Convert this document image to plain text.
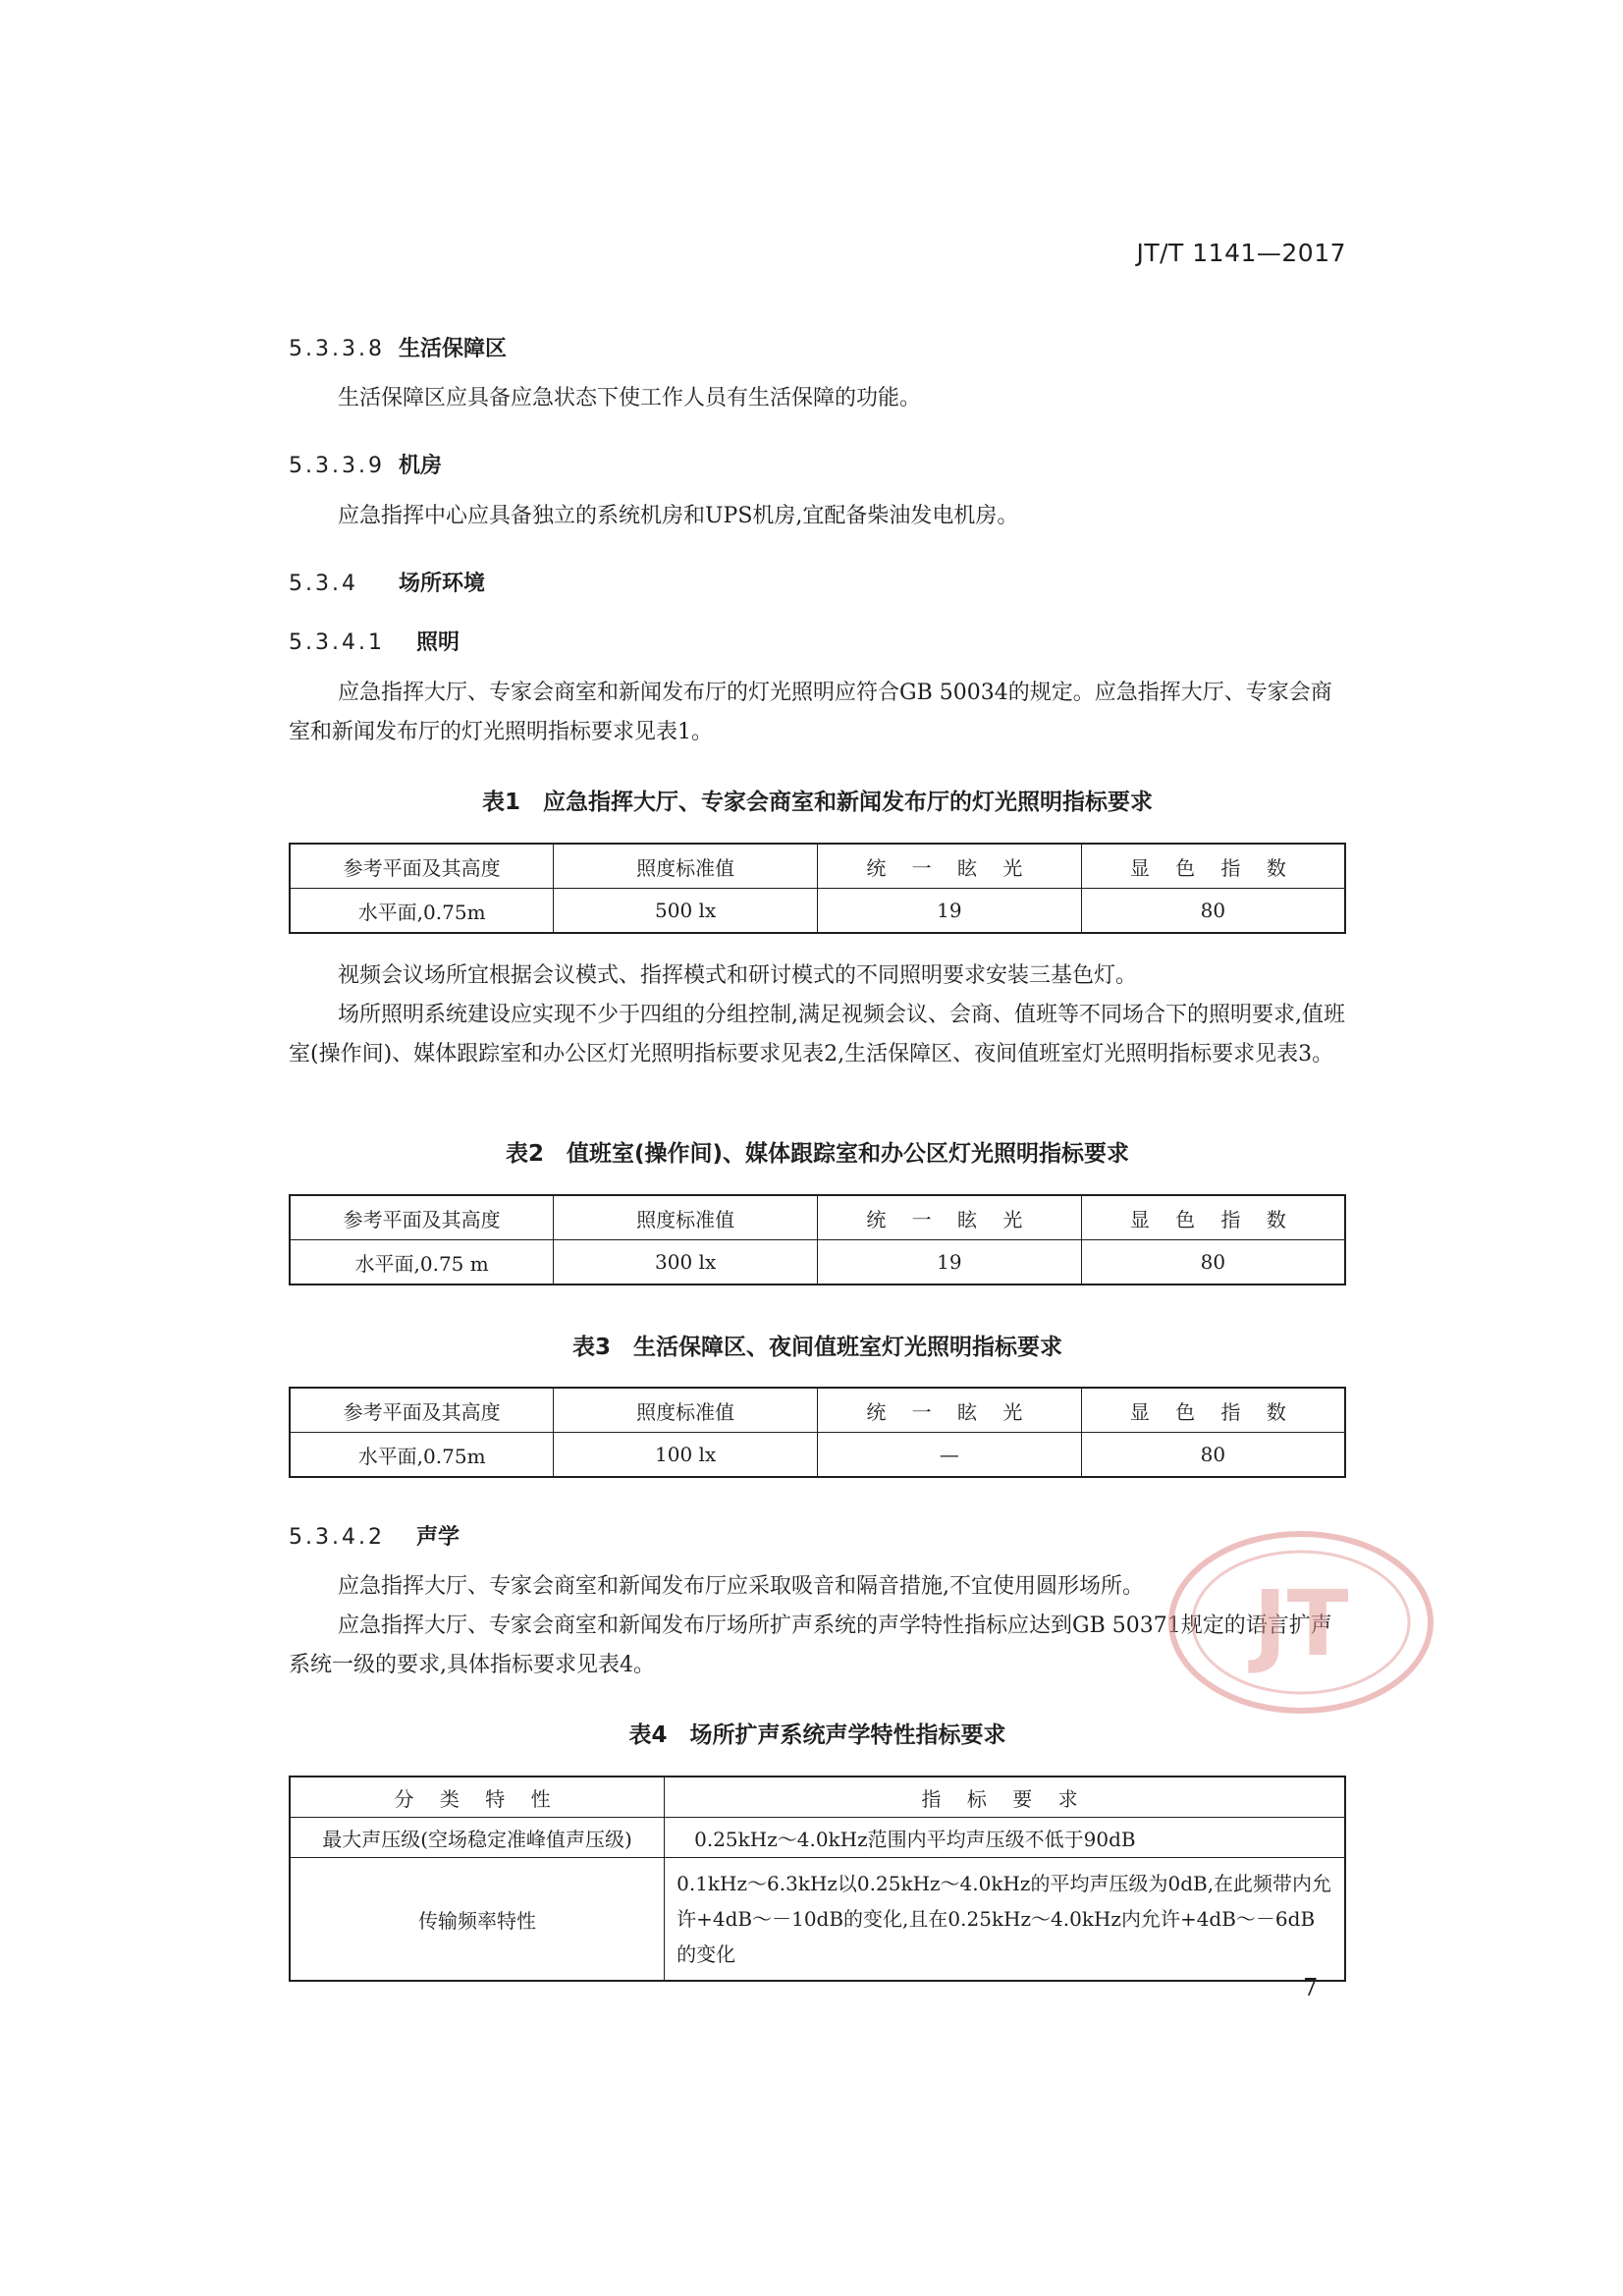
JT/T 1141—2017
5.3.3.8 生活保障区
生活保障区应具备应急状态下使工作人员有生活保障的功能。
5.3.3.9 机房
应急指挥中心应具备独立的系统机房和UPS机房,宜配备柴油发电机房。
5.3.4 场所环境
5.3.4.1 照明
应急指挥大厅、专家会商室和新闻发布厅的灯光照明应符合GB 50034的规定。应急指挥大厅、专家会商室和新闻发布厅的灯光照明指标要求见表1。
表1　应急指挥大厅、专家会商室和新闻发布厅的灯光照明指标要求
参考平面及其高度	照度标准值	统 一 眩 光	显 色 指 数
水平面,0.75m	500 lx	19	80
视频会议场所宜根据会议模式、指挥模式和研讨模式的不同照明要求安装三基色灯。
场所照明系统建设应实现不少于四组的分组控制,满足视频会议、会商、值班等不同场合下的照明要求,值班室(操作间)、媒体跟踪室和办公区灯光照明指标要求见表2,生活保障区、夜间值班室灯光照明指标要求见表3。
表2　值班室(操作间)、媒体跟踪室和办公区灯光照明指标要求
参考平面及其高度	照度标准值	统 一 眩 光	显 色 指 数
水平面,0.75 m	300 lx	19	80
表3　生活保障区、夜间值班室灯光照明指标要求
参考平面及其高度	照度标准值	统 一 眩 光	显 色 指 数
水平面,0.75m	100 lx	—	80
5.3.4.2 声学
应急指挥大厅、专家会商室和新闻发布厅应采取吸音和隔音措施,不宜使用圆形场所。
应急指挥大厅、专家会商室和新闻发布厅场所扩声系统的声学特性指标应达到GB 50371规定的语言扩声系统一级的要求,具体指标要求见表4。	JT
表4　场所扩声系统声学特性指标要求
分 类 特 性	指 标 要 求
最大声压级(空场稳定准峰值声压级)	0.25kHz～4.0kHz范围内平均声压级不低于90dB
传输频率特性	0.1kHz～6.3kHz以0.25kHz～4.0kHz的平均声压级为0dB,在此频带内允许+4dB～－10dB的变化,且在0.25kHz～4.0kHz内允许+4dB～－6dB的变化
7
